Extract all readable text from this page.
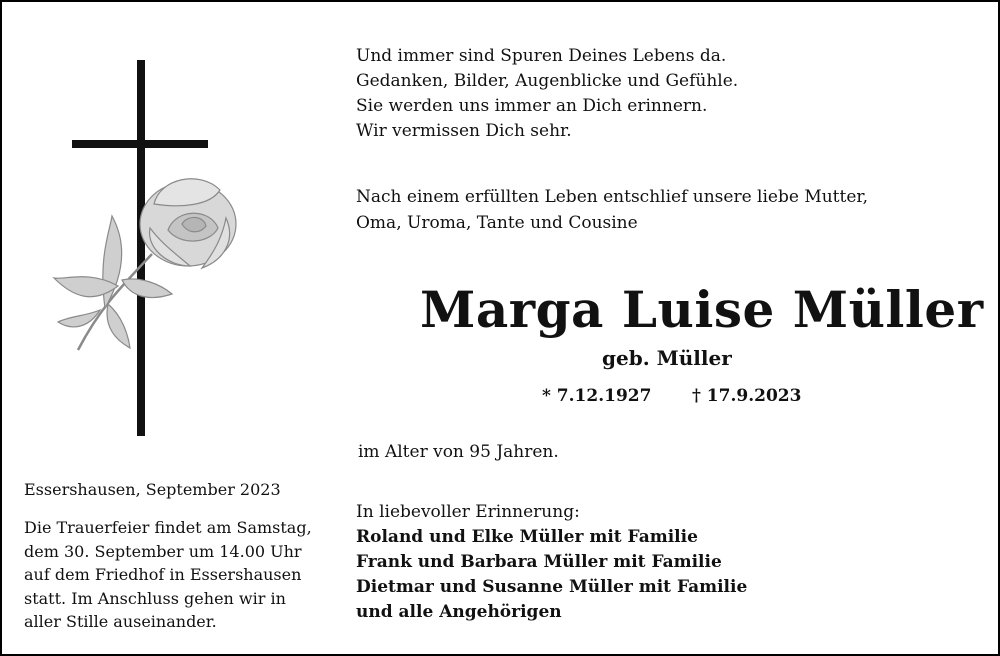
Und immer sind Spuren Deines Lebens da.
Gedanken, Bilder, Augenblicke und Gefühle.
Sie werden uns immer an Dich erinnern.
Wir vermissen Dich sehr.
Nach einem erfüllten Leben entschlief unsere liebe Mutter,
Oma, Uroma, Tante und Cousine
Marga Luise Müller
geb. Müller
* 7.12.1927 † 17.9.2023
im Alter von 95 Jahren.
In liebevoller Erinnerung:
Roland und Elke Müller mit Familie
Frank und Barbara Müller mit Familie
Dietmar und Susanne Müller mit Familie
und alle Angehörigen
Essershausen, September 2023
Die Trauerfeier findet am Samstag,
dem 30. September um 14.00 Uhr
auf dem Friedhof in Essershausen
statt. Im Anschluss gehen wir in
aller Stille auseinander.
